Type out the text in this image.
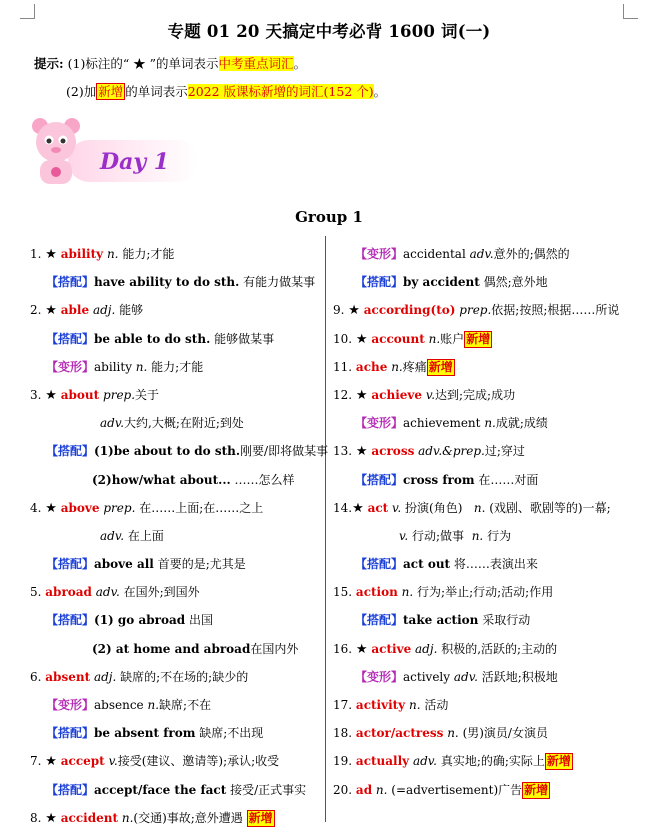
专题 01 20 天搞定中考必背 1600 词(一)
提示: (1)标注的“ ★ ”的单词表示中考重点词汇。
(2)加 新增 的单词表示2022 版课标新增的词汇(152 个)。
Day 1
Group 1
1. ★ ability n. 能力;才能
【搭配】have ability to do sth. 有能力做某事
2. ★ able adj. 能够
【搭配】be able to do sth. 能够做某事
【变形】ability n. 能力;才能
3. ★ about prep.关于
adv.大约,大概;在附近;到处
【搭配】(1)be about to do sth.刚要/即将做某事
(2)how/what about... ……怎么样
4. ★ above prep. 在……上面;在……之上
adv. 在上面
【搭配】above all 首要的是;尤其是
5. abroad adv. 在国外;到国外
【搭配】(1) go abroad 出国
(2) at home and abroad在国内外
6. absent adj. 缺席的;不在场的;缺少的
【变形】absence n.缺席;不在
【搭配】be absent from 缺席;不出现
7. ★ accept v.接受(建议、邀请等);承认;收受
【搭配】accept/face the fact 接受/正式事实
8. ★ accident n.(交通)事故;意外遭遇 新增
【变形】accidental adv.意外的;偶然的
【搭配】by accident 偶然;意外地
9. ★ according(to) prep.依据;按照;根据……所说
10. ★ account n.账户 新增
11. ache n.疼痛 新增
12. ★ achieve v.达到;完成;成功
【变形】achievement n.成就;成绩
13. ★ across adv.&prep.过;穿过
【搭配】cross from 在……对面
14.★ act v. 扮演(角色) n. (戏剧、歌剧等的)一幕;
v. 行动;做事 n. 行为
【搭配】act out 将……表演出来
15. action n. 行为;举止;行动;活动;作用
【搭配】take action 采取行动
16. ★ active adj. 积极的,活跃的;主动的
【变形】actively adv. 活跃地;积极地
17. activity n. 活动
18. actor/actress n. (男)演员/女演员
19. actually adv. 真实地;的确;实际上 新增
20. ad n. (=advertisement)广告 新增
